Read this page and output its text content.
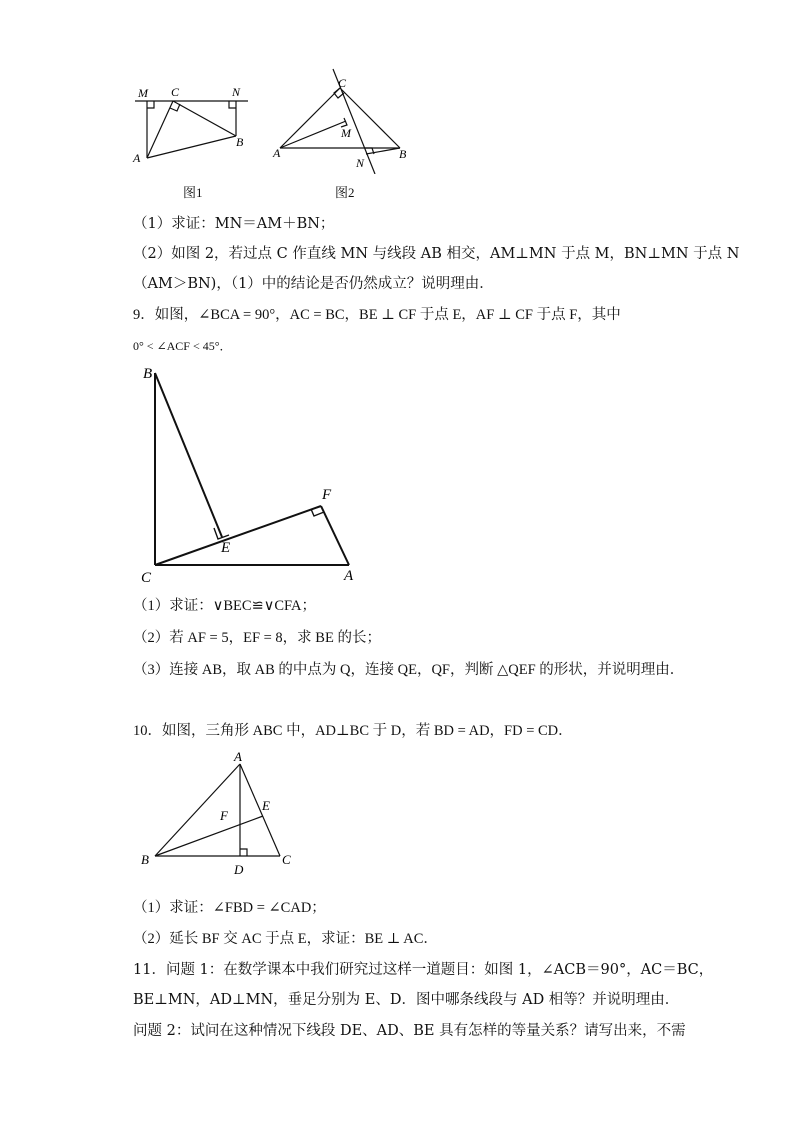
M C	N
A
B
图1
C
M
A
N
B
图2
（1）求证：MN＝AM＋BN；
（2）如图 2，若过点 C 作直线 MN 与线段 AB 相交，AM⊥MN 于点 M，BN⊥MN 于点 N
（AM＞BN)，（1）中的结论是否仍然成立？说明理由．
9．如图，∠BCA = 90°，AC = BC，BE ⊥ CF 于点 E，AF ⊥ CF 于点 F，其中
0° < ∠ACF < 45°．
B
F
E
C	A
（1）求证：∨BEC≌∨CFA；
（2）若 AF = 5，EF = 8，求 BE 的长；
（3）连接 AB，取 AB 的中点为 Q，连接 QE，QF，判断 △QEF 的形状，并说明理由．
10．如图，三角形 ABC 中，AD⊥BC 于 D，若 BD = AD，FD = CD．
A
E
F
B
D
C
（1）求证：∠FBD = ∠CAD；
（2）延长 BF 交 AC 于点 E，求证：BE ⊥ AC．
11．问题 1：在数学课本中我们研究过这样一道题目：如图 1，∠ACB＝90°，AC＝BC，
BE⊥MN，AD⊥MN，垂足分别为 E、D．图中哪条线段与 AD 相等？并说明理由．
问题 2：试问在这种情况下线段 DE、AD、BE 具有怎样的等量关系？请写出来，不需
